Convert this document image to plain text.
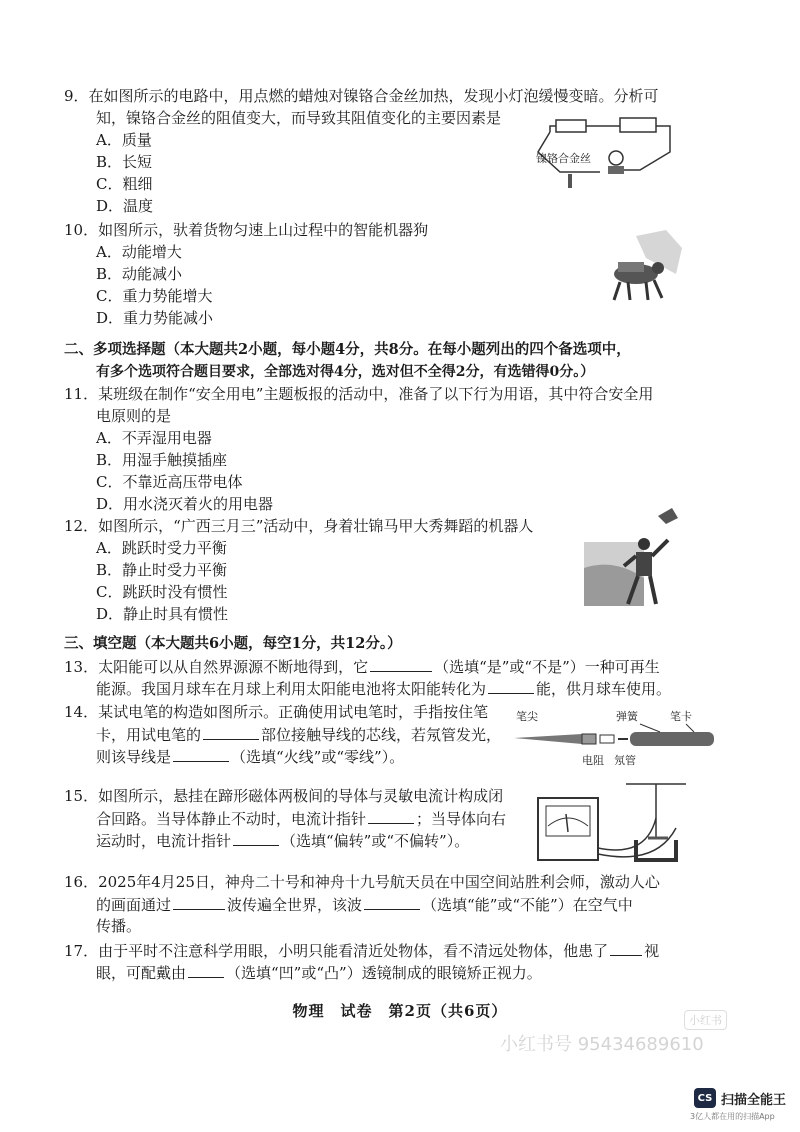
9．在如图所示的电路中，用点燃的蜡烛对镍铬合金丝加热，发现小灯泡缓慢变暗。分析可
知，镍铬合金丝的阻值变大，而导致其阻值变化的主要因素是
A．质量
B．长短
C．粗细
D．温度
镍铬合金丝
10．如图所示，驮着货物匀速上山过程中的智能机器狗
A．动能增大
B．动能减小
C．重力势能增大
D．重力势能减小
二、多项选择题（本大题共2小题，每小题4分，共8分。在每小题列出的四个备选项中，
有多个选项符合题目要求，全部选对得4分，选对但不全得2分，有选错得0分。）
11．某班级在制作“安全用电”主题板报的活动中，准备了以下行为用语，其中符合安全用
电原则的是
A．不弄湿用电器
B．用湿手触摸插座
C．不靠近高压带电体
D．用水浇灭着火的用电器
12．如图所示，“广西三月三”活动中，身着壮锦马甲大秀舞蹈的机器人
A．跳跃时受力平衡
B．静止时受力平衡
C．跳跃时没有惯性
D．静止时具有惯性
三、填空题（本大题共6小题，每空1分，共12分。）
13．太阳能可以从自然界源源不断地得到，它	（选填“是”或“不是”）一种可再生
能源。我国月球车在月球上利用太阳能电池将太阳能转化为	能，供月球车使用。
14．某试电笔的构造如图所示。正确使用试电笔时，手指按住笔
卡，用试电笔的	部位接触导线的芯线，若氖管发光，
则该导线是	（选填“火线”或“零线”）。
笔尖	弹簧	笔卡
电阻 氖管
15．如图所示，悬挂在蹄形磁体两极间的导体与灵敏电流计构成闭
合回路。当导体静止不动时，电流计指针	；当导体向右
运动时，电流计指针	（选填“偏转”或“不偏转”）。
16．2025年4月25日，神舟二十号和神舟十九号航天员在中国空间站胜利会师，激动人心
的画面通过	波传遍全世界，该波	（选填“能”或“不能”）在空气中
传播。
17．由于平时不注意科学用眼，小明只能看清近处物体，看不清远处物体，他患了 视
眼，可配戴由	（选填“凹”或“凸”）透镜制成的眼镜矫正视力。
物理　试卷　第2页（共6页）
小红书
小红书号 95434689610
CS 扫描全能王
3亿人都在用的扫描App
